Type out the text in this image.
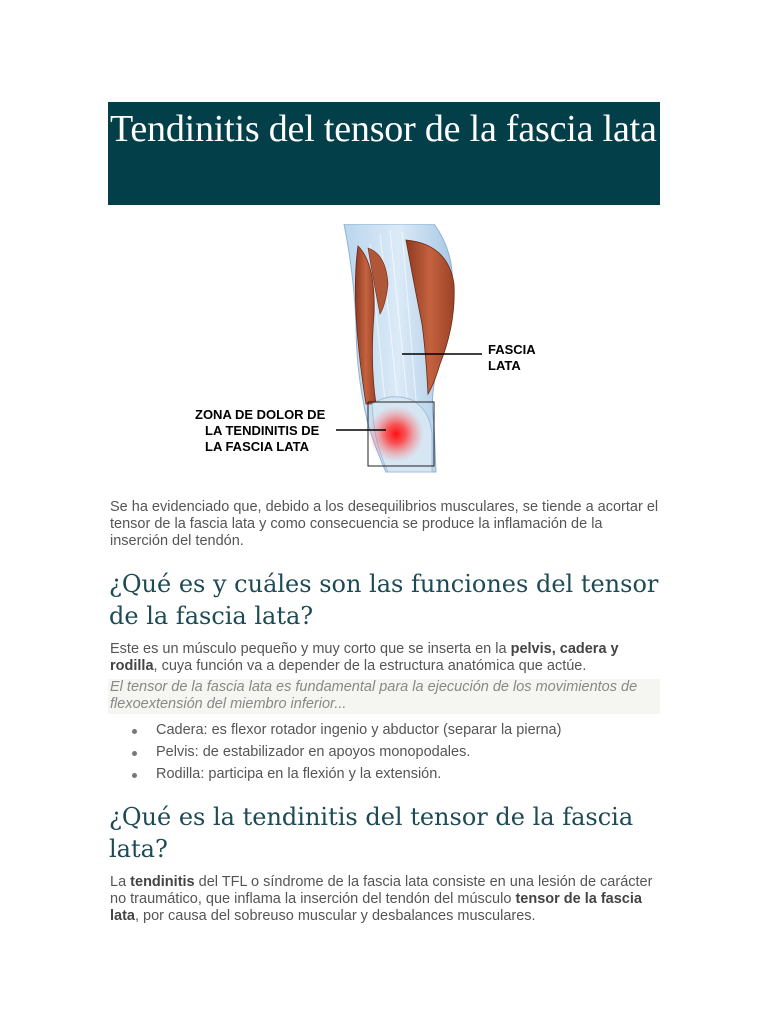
Tendinitis del tensor de la fascia lata
FASCIA
LATA
ZONA DE DOLOR DE
LA TENDINITIS DE
LA FASCIA LATA

Se ha evidenciado que, debido a los desequilibrios musculares, se tiende a acortar el tensor de la fascia lata y como consecuencia se produce la inflamación de la inserción del tendón.

¿Qué es y cuáles son las funciones del tensor de la fascia lata?

Este es un músculo pequeño y muy corto que se inserta en la pelvis, cadera y rodilla, cuya función va a depender de la estructura anatómica que actúe.

El tensor de la fascia lata es fundamental para la ejecución de los movimientos de flexoextensión del miembro inferior...

Cadera: es flexor rotador ingenio y abductor (separar la pierna)
Pelvis: de estabilizador en apoyos monopodales.
Rodilla: participa en la flexión y la extensión.
¿Qué es la tendinitis del tensor de la fascia lata?

La tendinitis del TFL o síndrome de la fascia lata consiste en una lesión de carácter no traumático, que inflama la inserción del tendón del músculo tensor de la fascia lata, por causa del sobreuso muscular y desbalances musculares.
